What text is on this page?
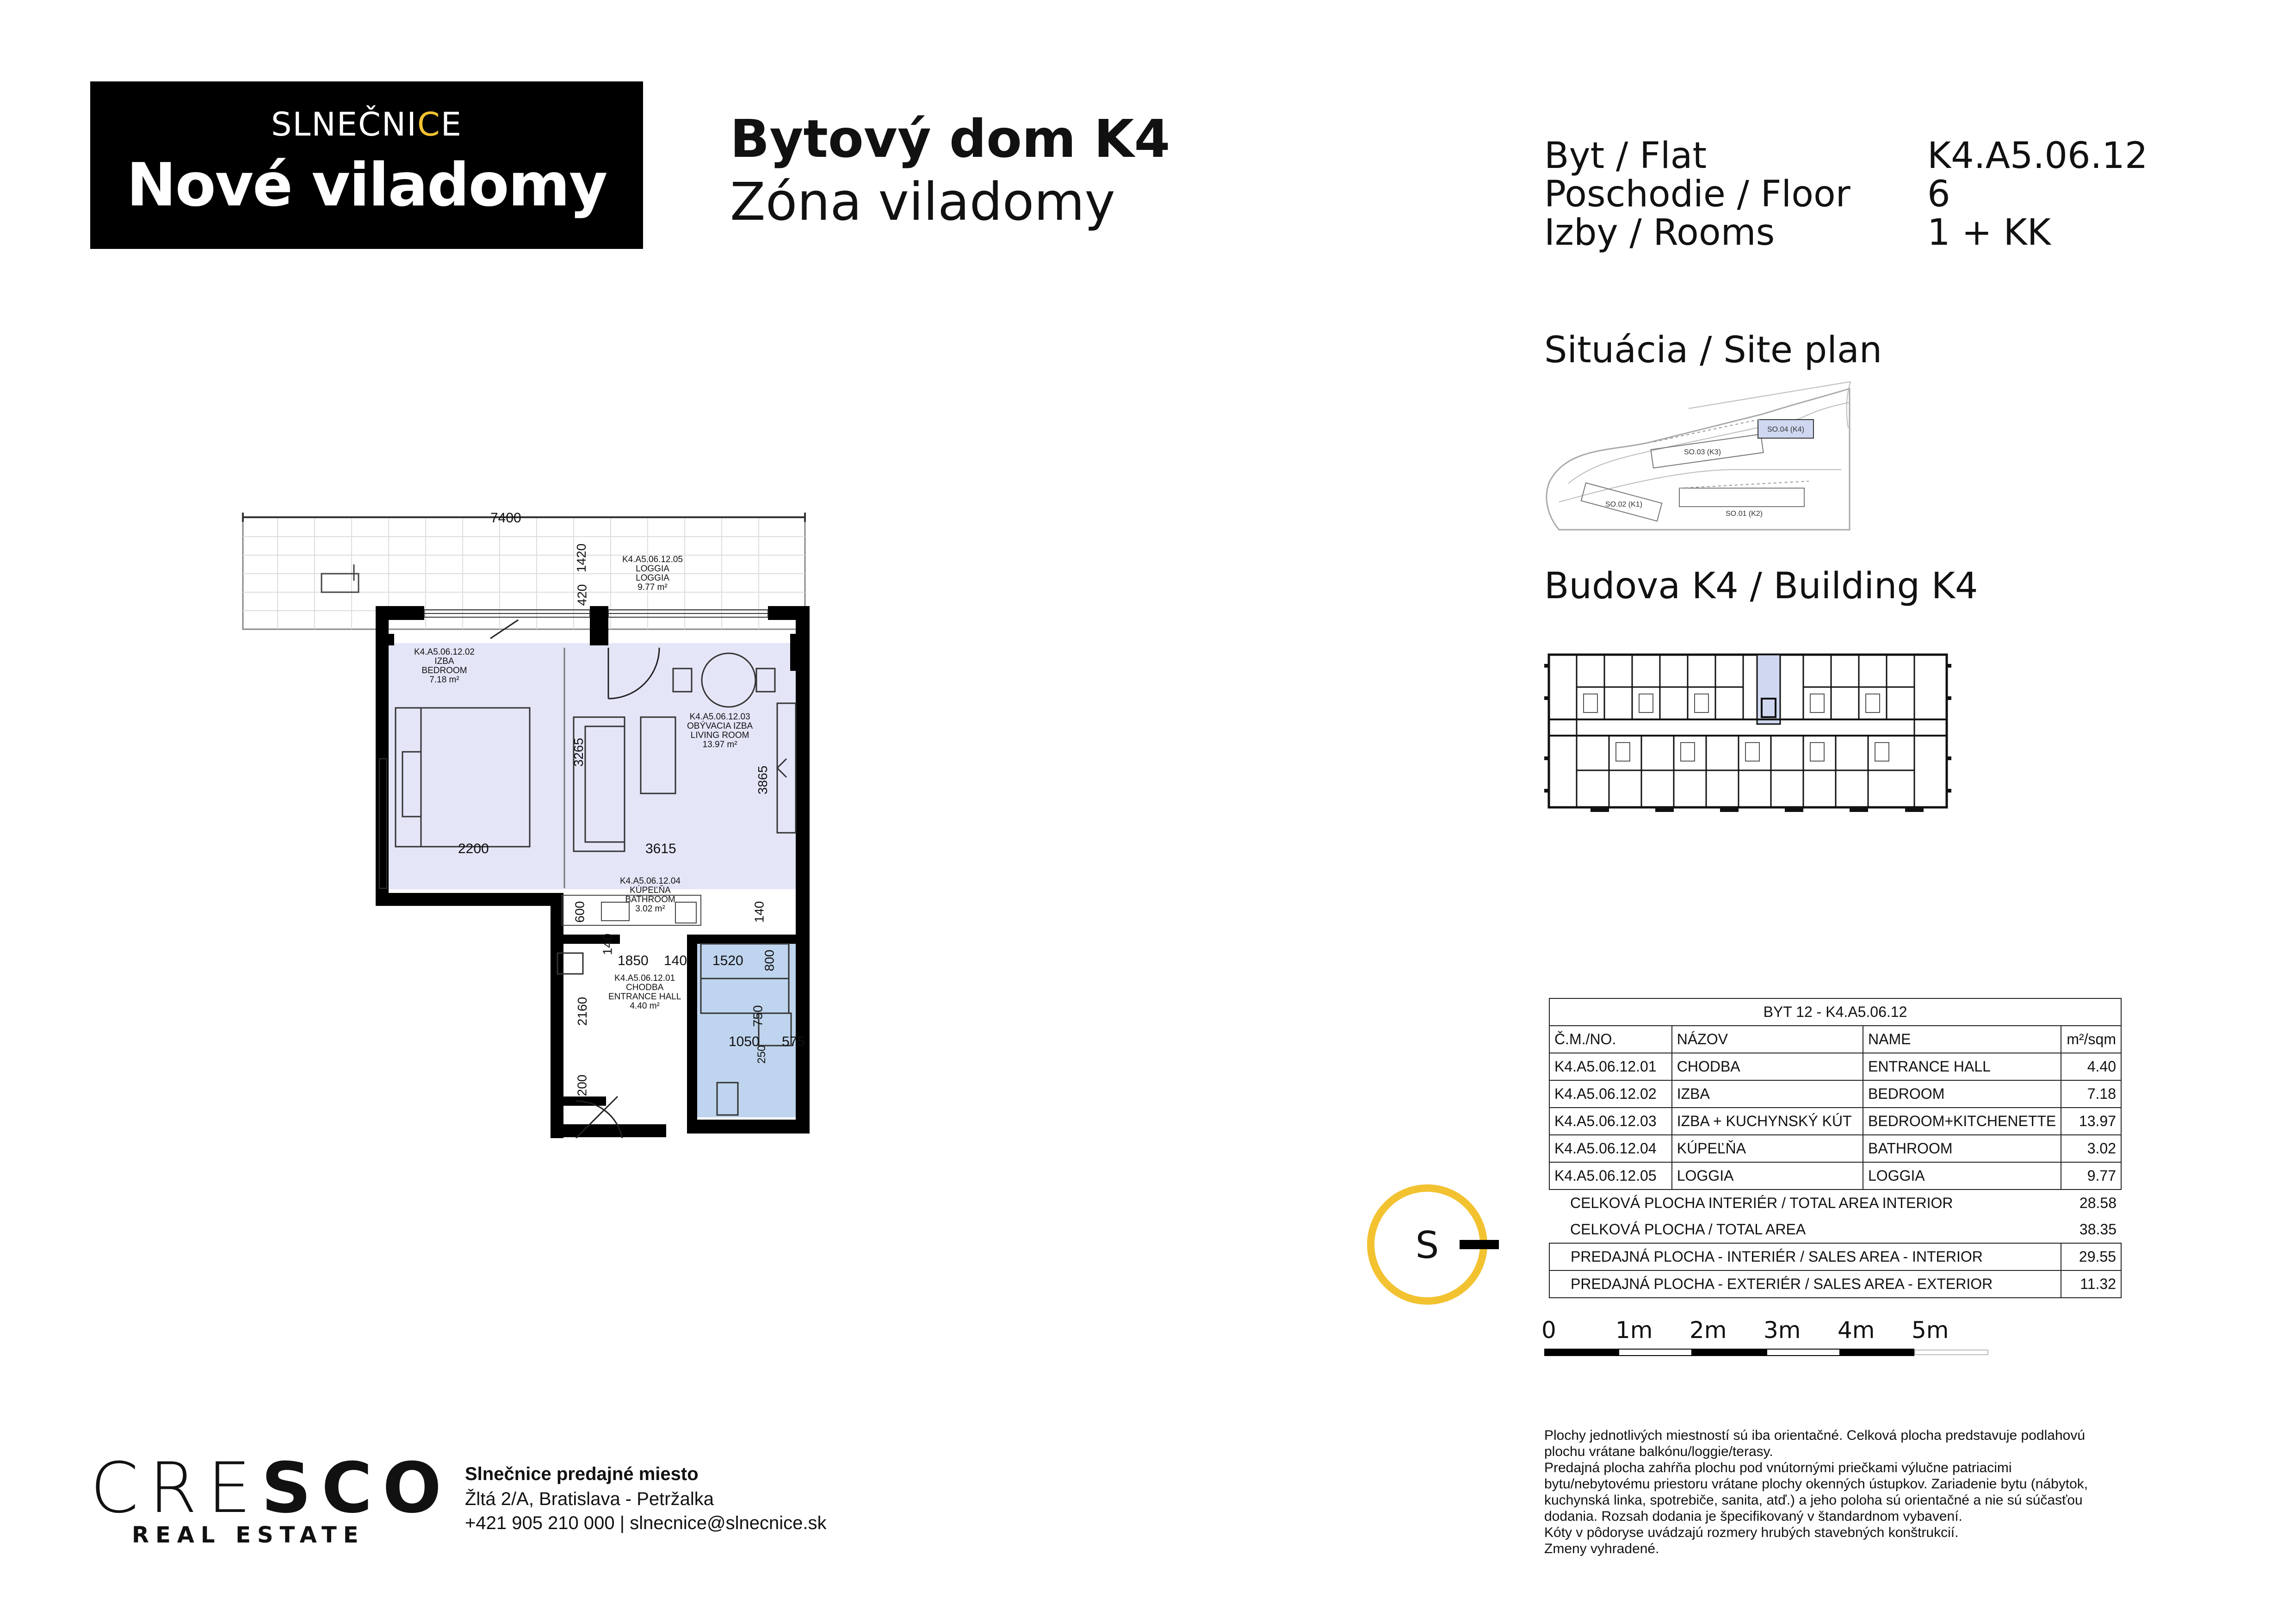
SLNEČNICE
Nové viladomy
Bytový dom K4
Zóna viladomy
Byt / Flat	K4.A5.06.12
Poschodie / Floor 6
Izby / Rooms	1 + KK
Situácia / Site plan
SO.03 (K3)
SO.04 (K4)
SO.02 (K1)
SO.01 (K2)
Budova K4 / Building K4
7400
1420
420
2200	3615
3265
3865
600	140
140
1850 140 1520 800
2160
200
750
1050 575
250
K4.A5.06.12.05
LOGGIA
LOGGIA
9.77 m²
K4.A5.06.12.02
IZBA
BEDROOM
7.18 m²
K4.A5.06.12.03
OBÝVACIA IZBA
LIVING ROOM
13.97 m²
K4.A5.06.12.04
KÚPEĽŇA
BATHROOM
3.02 m²
K4.A5.06.12.01
CHODBA
ENTRANCE HALL
4.40 m²	BYT 12 - K4.A5.06.12			
Č.M./NO.	NÁZOV	NAME	m²/sqm
K4.A5.06.12.01	CHODBA	ENTRANCE HALL	4.40
K4.A5.06.12.02	IZBA	BEDROOM	7.18
K4.A5.06.12.03	IZBA + KUCHYNSKÝ KÚT	BEDROOM+KITCHENETTE	13.97
K4.A5.06.12.04	KÚPEĽŇA	BATHROOM	3.02
K4.A5.06.12.05	LOGGIA	LOGGIA	9.77
CELKOVÁ PLOCHA INTERIÉR / TOTAL AREA INTERIOR			28.58
CELKOVÁ PLOCHA / TOTAL AREA			38.35
PREDAJNÁ PLOCHA - INTERIÉR / SALES AREA - INTERIOR			29.55
PREDAJNÁ PLOCHA - EXTERIÉR / SALES AREA - EXTERIOR			11.32
S
0	1m 2m 3m 4m 5m
CRESCO
REAL ESTATE
Slnečnice predajné miesto
Žltá 2/A, Bratislava - Petržalka
+421 905 210 000 | slnecnice@slnecnice.sk
Plochy jednotlivých miestností sú iba orientačné. Celková plocha predstavuje podlahovú
plochu vrátane balkónu/loggie/terasy.
Predajná plocha zahŕňa plochu pod vnútornými priečkami výlučne patriacimi
bytu/nebytovému priestoru vrátane plochy okenných ústupkov. Zariadenie bytu (nábytok,
kuchynská linka, spotrebiče, sanita, atď.) a jeho poloha sú orientačné a nie sú súčasťou
dodania. Rozsah dodania je špecifikovaný v štandardnom vybavení.
Kóty v pôdoryse uvádzajú rozmery hrubých stavebných konštrukcií.
Zmeny vyhradené.
